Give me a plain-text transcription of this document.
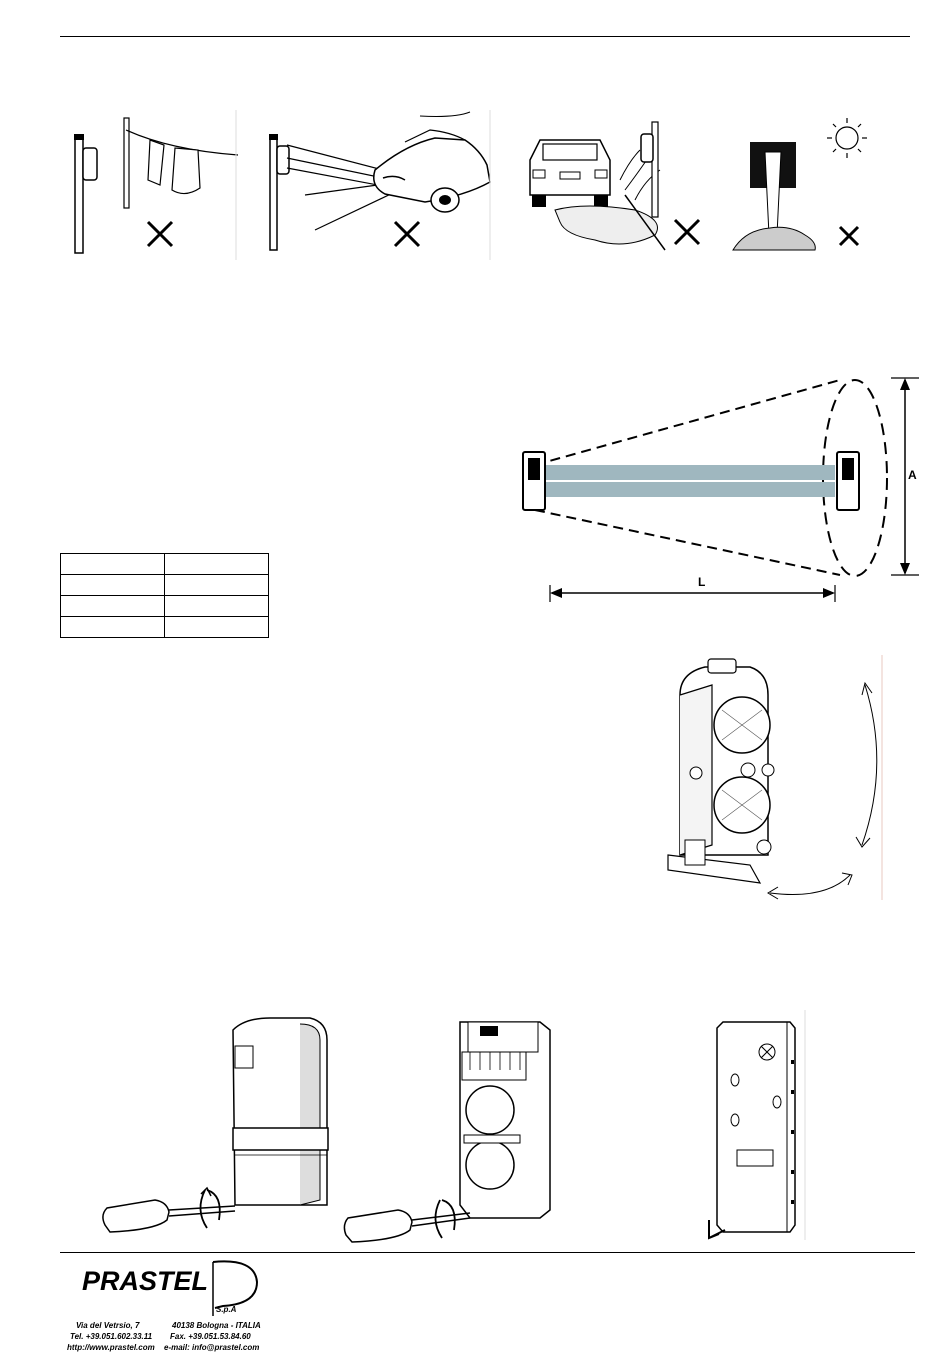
A
L

PRASTEL
S.p.A
Via del Vetrsio, 7	40138 Bologna - ITALIA
Tel. +39.051.602.33.11 Fax. +39.051.53.84.60
http://www.prastel.com e-mail: info@prastel.com
